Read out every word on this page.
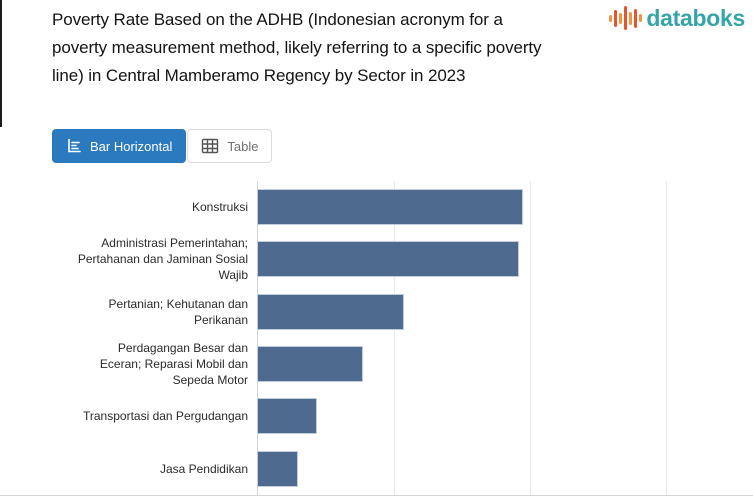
Poverty Rate Based on the ADHB (Indonesian acronym for a poverty measurement method, likely referring to a specific poverty line) in Central Mamberamo Regency by Sector in 2023
databoks
Bar Horizontal	Table
Konstruksi
Administrasi Pemerintahan; Pertahanan dan Jaminan Sosial Wajib
Pertanian; Kehutanan dan Perikanan
Perdagangan Besar dan Eceran; Reparasi Mobil dan Sepeda Motor
Transportasi dan Pergudangan
Jasa Pendidikan
